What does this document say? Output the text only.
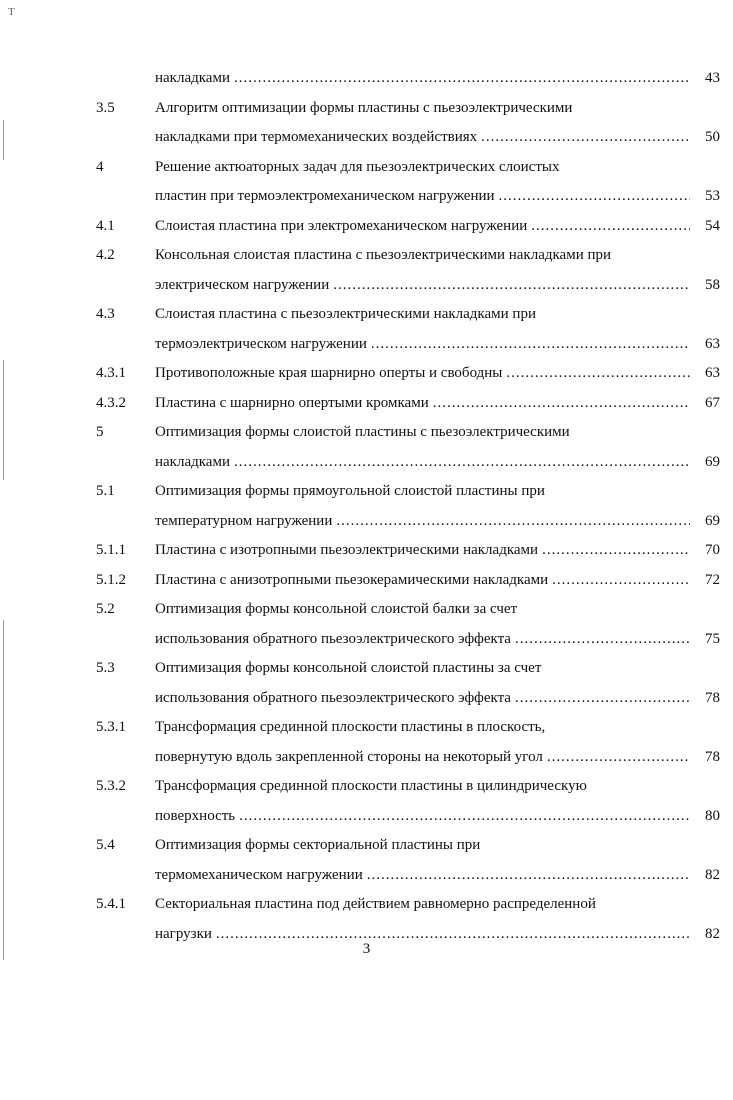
T
накладками .....	43
3.5	Алгоритм оптимизации формы пластины с пьезоэлектрическими
накладками при термомеханических воздействиях .....	50
4	Решение актюаторных задач для пьезоэлектрических слоистых
пластин при термоэлектромеханическом нагружении .....	53
4.1	Слоистая пластина при электромеханическом нагружении .....	54
4.2	Консольная слоистая пластина с пьезоэлектрическими накладками при
электрическом нагружении .....	58
4.3	Слоистая пластина с пьезоэлектрическими накладками при
термоэлектрическом нагружении .....	63
4.3.1	Противоположные края шарнирно оперты и свободны .....	63
4.3.2	Пластина с шарнирно опертыми кромками .....	67
5	Оптимизация формы слоистой пластины с пьезоэлектрическими
накладками .....	69
5.1	Оптимизация формы прямоугольной слоистой пластины при
температурном нагружении .....	69
5.1.1	Пластина с изотропными пьезоэлектрическими накладками .....	70
5.1.2	Пластина с анизотропными пьезокерамическими накладками .....	72
5.2	Оптимизация формы консольной слоистой балки за счет
использования обратного пьезоэлектрического эффекта .....	75
5.3	Оптимизация формы консольной слоистой пластины за счет
использования обратного пьезоэлектрического эффекта .....	78
5.3.1	Трансформация срединной плоскости пластины в плоскость,
повернутую вдоль закрепленной стороны на некоторый угол .....	78
5.3.2	Трансформация срединной плоскости пластины в цилиндрическую
поверхность .....	80
5.4	Оптимизация формы секториальной пластины при
термомеханическом нагружении .....	82
5.4.1	Секториальная пластина под действием равномерно распределенной
нагрузки .....	82
3
